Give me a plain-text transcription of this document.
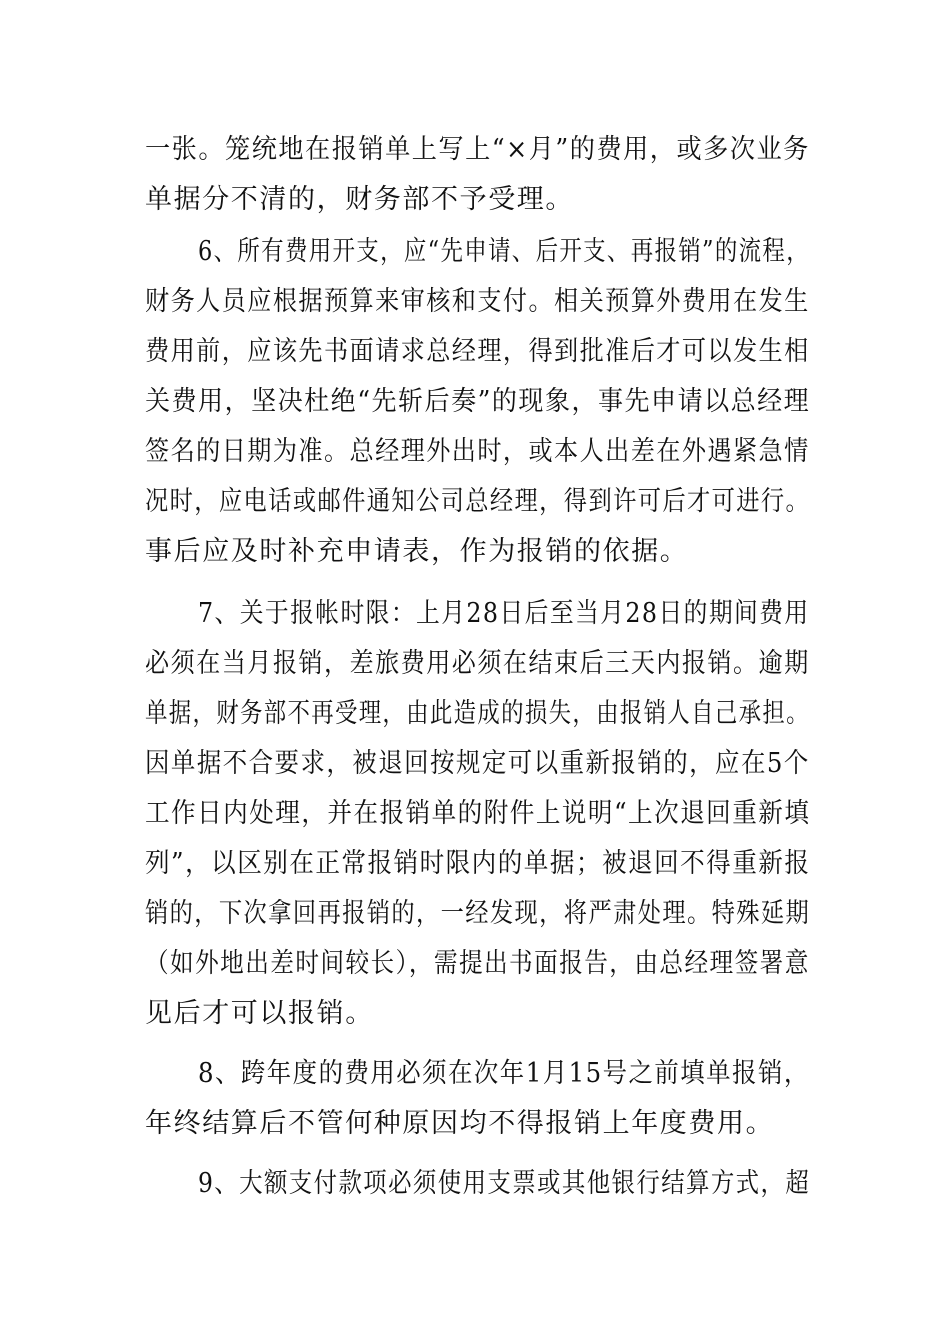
一张。笼统地在报销单上写上“×月”的费用，或多次业务
单据分不清的，财务部不予受理。
6、所有费用开支，应“先申请、后开支、再报销”的流程，
财务人员应根据预算来审核和支付。相关预算外费用在发生
费用前，应该先书面请求总经理，得到批准后才可以发生相
关费用，坚决杜绝“先斩后奏”的现象，事先申请以总经理
签名的日期为准。总经理外出时，或本人出差在外遇紧急情
况时，应电话或邮件通知公司总经理，得到许可后才可进行。
事后应及时补充申请表，作为报销的依据。
7、关于报帐时限：上月28日后至当月28日的期间费用
必须在当月报销，差旅费用必须在结束后三天内报销。逾期
单据，财务部不再受理，由此造成的损失，由报销人自己承担。
因单据不合要求，被退回按规定可以重新报销的，应在5个
工作日内处理，并在报销单的附件上说明“上次退回重新填
列”，以区别在正常报销时限内的单据；被退回不得重新报
销的，下次拿回再报销的，一经发现，将严肃处理。特殊延期
（如外地出差时间较长），需提出书面报告，由总经理签署意
见后才可以报销。
8、跨年度的费用必须在次年1月15号之前填单报销，
年终结算后不管何种原因均不得报销上年度费用。
9、大额支付款项必须使用支票或其他银行结算方式，超
